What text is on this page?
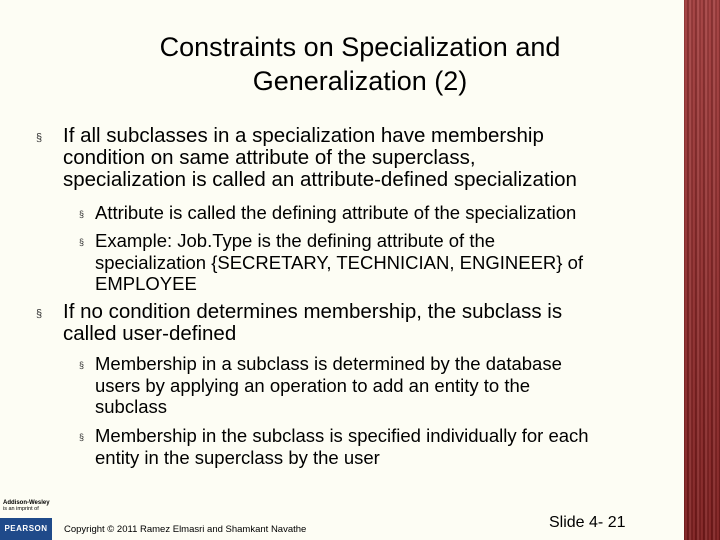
Constraints on Specialization and
Generalization (2)
§ If all subclasses in a specialization have membership
condition on same attribute of the superclass,
specialization is called an attribute-defined specialization
§ Attribute is called the defining attribute of the specialization
§ Example: Job.Type is the defining attribute of the
specialization {SECRETARY, TECHNICIAN, ENGINEER} of
EMPLOYEE
§ If no condition determines membership, the subclass is
called user-defined
§ Membership in a subclass is determined by the database
users by applying an operation to add an entity to the
subclass
§ Membership in the subclass is specified individually for each
entity in the superclass by the user
Addison-Wesley
is an imprint of
PEARSON	Copyright © 2011 Ramez Elmasri and Shamkant Navathe	Slide 4- 21
